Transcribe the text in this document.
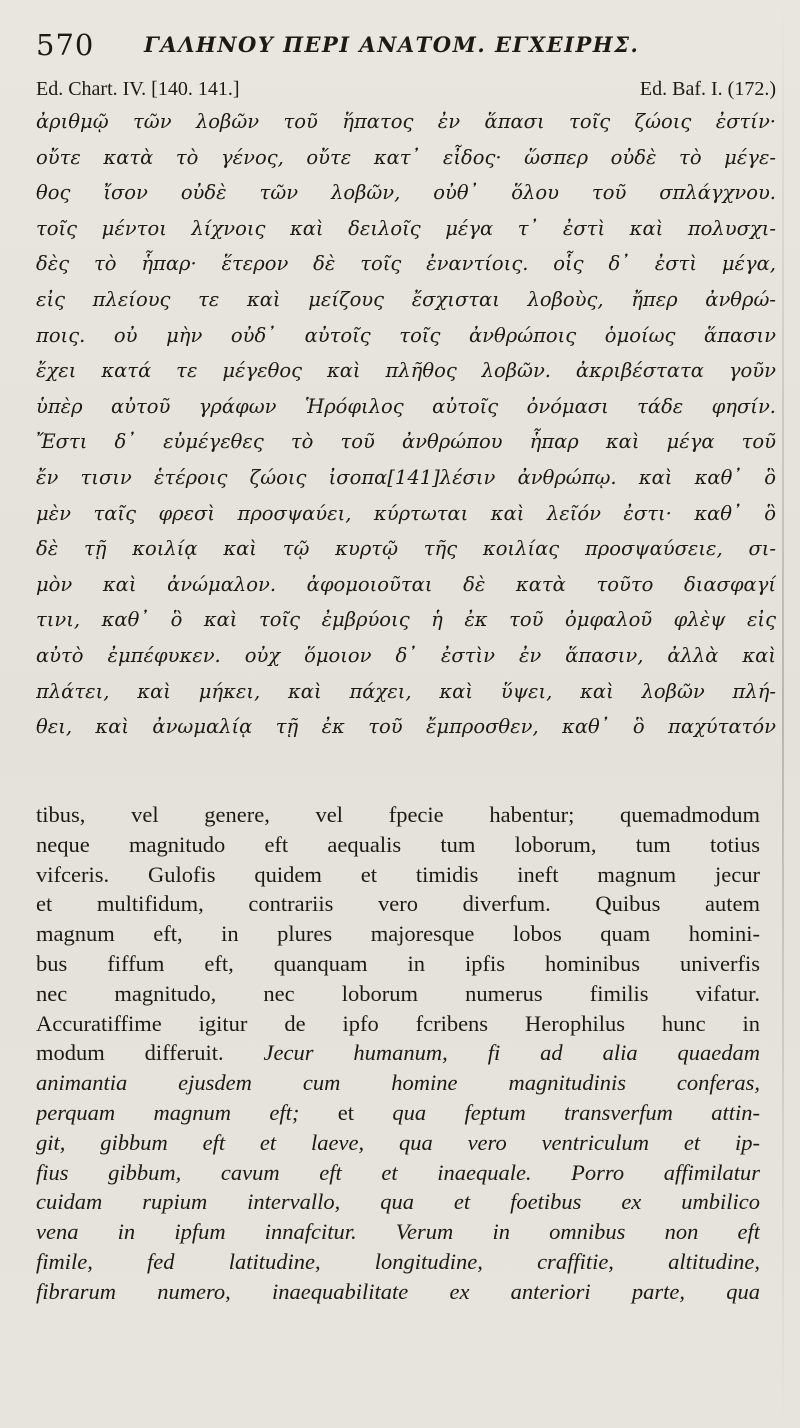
570 ΓΑΛΗΝΟΥ ΠΕΡΙ ΑΝΑΤΟΜ. ΕΓΧΕΙΡΗΣ.
Ed. Chart. IV. [140. 141.]	Ed. Baf. I. (172.)
ἀριθμῷ τῶν λοβῶν τοῦ ἥπατος ἐν ἅπασι τοῖς ζώοις ἐστίν·
οὔτε κατὰ τὸ γένος, οὔτε κατ᾽ εἶδος· ὥσπερ οὐδὲ τὸ μέγε-
θος ἴσον οὐδὲ τῶν λοβῶν, οὐθ᾽ ὅλου τοῦ σπλάγχνου.
τοῖς μέντοι λίχνοις καὶ δειλοῖς μέγα τ᾽ ἐστὶ καὶ πολυσχι-
δὲς τὸ ἧπαρ· ἕτερον δὲ τοῖς ἐναντίοις. οἷς δ᾽ ἐστὶ μέγα,
εἰς πλείους τε καὶ μείζους ἔσχισται λοβοὺς, ἤπερ ἀνθρώ-
ποις. οὐ μὴν οὐδ᾽ αὐτοῖς τοῖς ἀνθρώποις ὁμοίως ἅπασιν
ἔχει κατά τε μέγεθος καὶ πλῆθος λοβῶν. ἀκριβέστατα γοῦν
ὑπὲρ αὐτοῦ γράφων Ἡρόφιλος αὐτοῖς ὀνόμασι τάδε φησίν.
Ἔστι δ᾽ εὐμέγεθες τὸ τοῦ ἀνθρώπου ἧπαρ καὶ μέγα τοῦ
ἔν τισιν ἑτέροις ζώοις ἰσοπα[141]λέσιν ἀνθρώπῳ. καὶ καθ᾽ ὃ
μὲν ταῖς φρεσὶ προσψαύει, κύρτωται καὶ λεῖόν ἐστι· καθ᾽ ὃ
δὲ τῇ κοιλίᾳ καὶ τῷ κυρτῷ τῆς κοιλίας προσψαύσειε, σι-
μὸν καὶ ἀνώμαλον. ἀφομοιοῦται δὲ κατὰ τοῦτο διασφαγί
τινι, καθ᾽ ὃ καὶ τοῖς ἐμβρύοις ἡ ἐκ τοῦ ὀμφαλοῦ φλὲψ εἰς
αὐτὸ ἐμπέφυκεν. οὐχ ὅμοιον δ᾽ ἐστὶν ἐν ἅπασιν, ἀλλὰ καὶ
πλάτει, καὶ μήκει, καὶ πάχει, καὶ ὕψει, καὶ λοβῶν πλή-
θει, καὶ ἀνωμαλίᾳ τῇ ἐκ τοῦ ἔμπροσθεν, καθ᾽ ὃ παχύτατόν
tibus, vel genere, vel fpecie habentur; quemadmodum
neque magnitudo eft aequalis tum loborum, tum totius
vifceris. Gulofis quidem et timidis ineft magnum jecur
et multifidum, contrariis vero diverfum. Quibus autem
magnum eft, in plures majoresque lobos quam homini-
bus fiffum eft, quanquam in ipfis hominibus univerfis
nec magnitudo, nec loborum numerus fimilis vifatur.
Accuratiffime igitur de ipfo fcribens Herophilus hunc in
modum differuit. Jecur humanum, fi ad alia quaedam
animantia ejusdem cum homine magnitudinis conferas,
perquam magnum eft; et qua feptum transverfum attin-
git, gibbum eft et laeve, qua vero ventriculum et ip-
fius gibbum, cavum eft et inaequale. Porro affimilatur
cuidam rupium intervallo, qua et foetibus ex umbilico
vena in ipfum innafcitur. Verum in omnibus non eft
fimile, fed latitudine, longitudine, craffitie, altitudine,
fibrarum numero, inaequabilitate ex anteriori parte, qua
